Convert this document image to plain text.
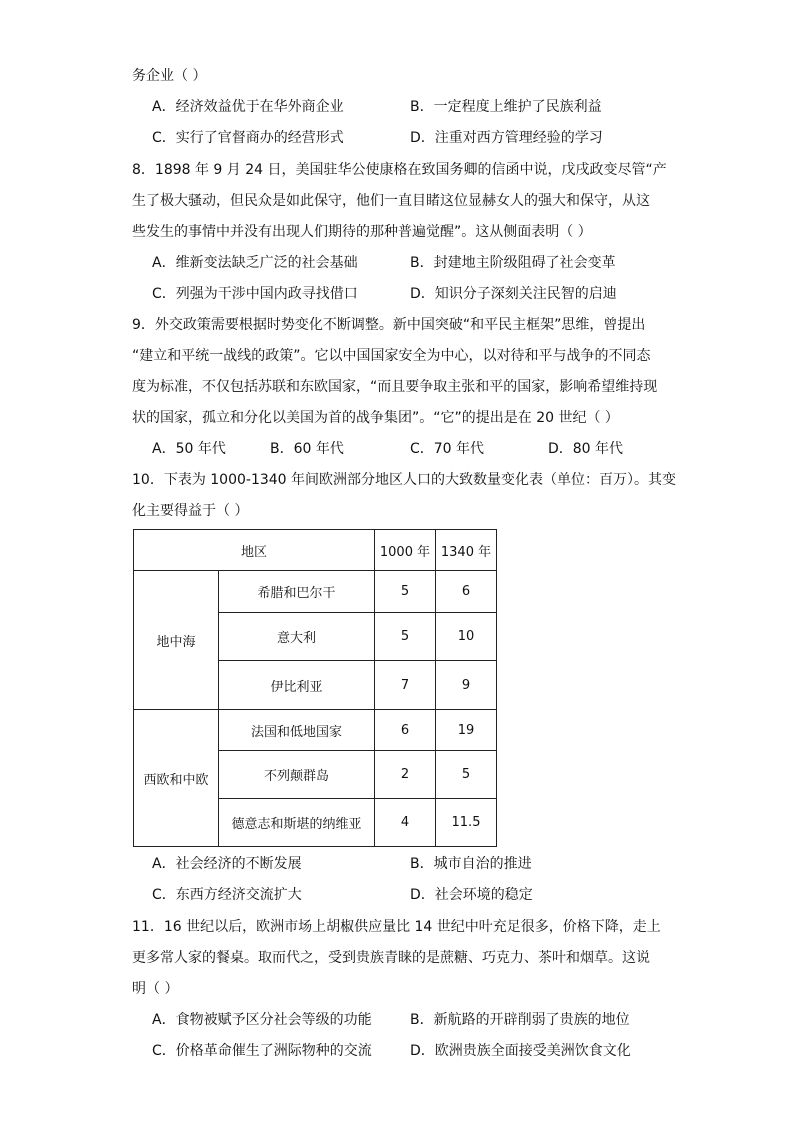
务企业（ ）
A．经济效益优于在华外商企业	B．一定程度上维护了民族利益
C．实行了官督商办的经营形式	D．注重对西方管理经验的学习
8．1898 年 9 月 24 日，美国驻华公使康格在致国务卿的信函中说，戊戌政变尽管“产
生了极大骚动，但民众是如此保守，他们一直目睹这位显赫女人的强大和保守，从这
些发生的事情中并没有出现人们期待的那种普遍觉醒”。这从侧面表明（ ）
A．维新变法缺乏广泛的社会基础	B．封建地主阶级阻碍了社会变革
C．列强为干涉中国内政寻找借口	D．知识分子深刻关注民智的启迪
9．外交政策需要根据时势变化不断调整。新中国突破“和平民主框架”思维，曾提出
“建立和平统一战线的政策”。它以中国国家安全为中心，以对待和平与战争的不同态
度为标准，不仅包括苏联和东欧国家，“而且要争取主张和平的国家，影响希望维持现
状的国家，孤立和分化以美国为首的战争集团”。“它”的提出是在 20 世纪（ ）
A．50 年代	B．60 年代	C．70 年代	D．80 年代
10．下表为 1000-1340 年间欧洲部分地区人口的大致数量变化表（单位：百万）。其变
化主要得益于（ ）
地区		1000 年	1340 年
地中海	希腊和巴尔干	5	6
	意大利	5	10
	伊比利亚	7	9
西欧和中欧	法国和低地国家	6	19
	不列颠群岛	2	5
	德意志和斯堪的纳维亚	4	11.5
A．社会经济的不断发展	B．城市自治的推进
C．东西方经济交流扩大	D．社会环境的稳定
11．16 世纪以后，欧洲市场上胡椒供应量比 14 世纪中叶充足很多，价格下降，走上
更多常人家的餐桌。取而代之，受到贵族青睐的是蔗糖、巧克力、茶叶和烟草。这说
明（ ）
A．食物被赋予区分社会等级的功能	B．新航路的开辟削弱了贵族的地位
C．价格革命催生了洲际物种的交流	D．欧洲贵族全面接受美洲饮食文化
